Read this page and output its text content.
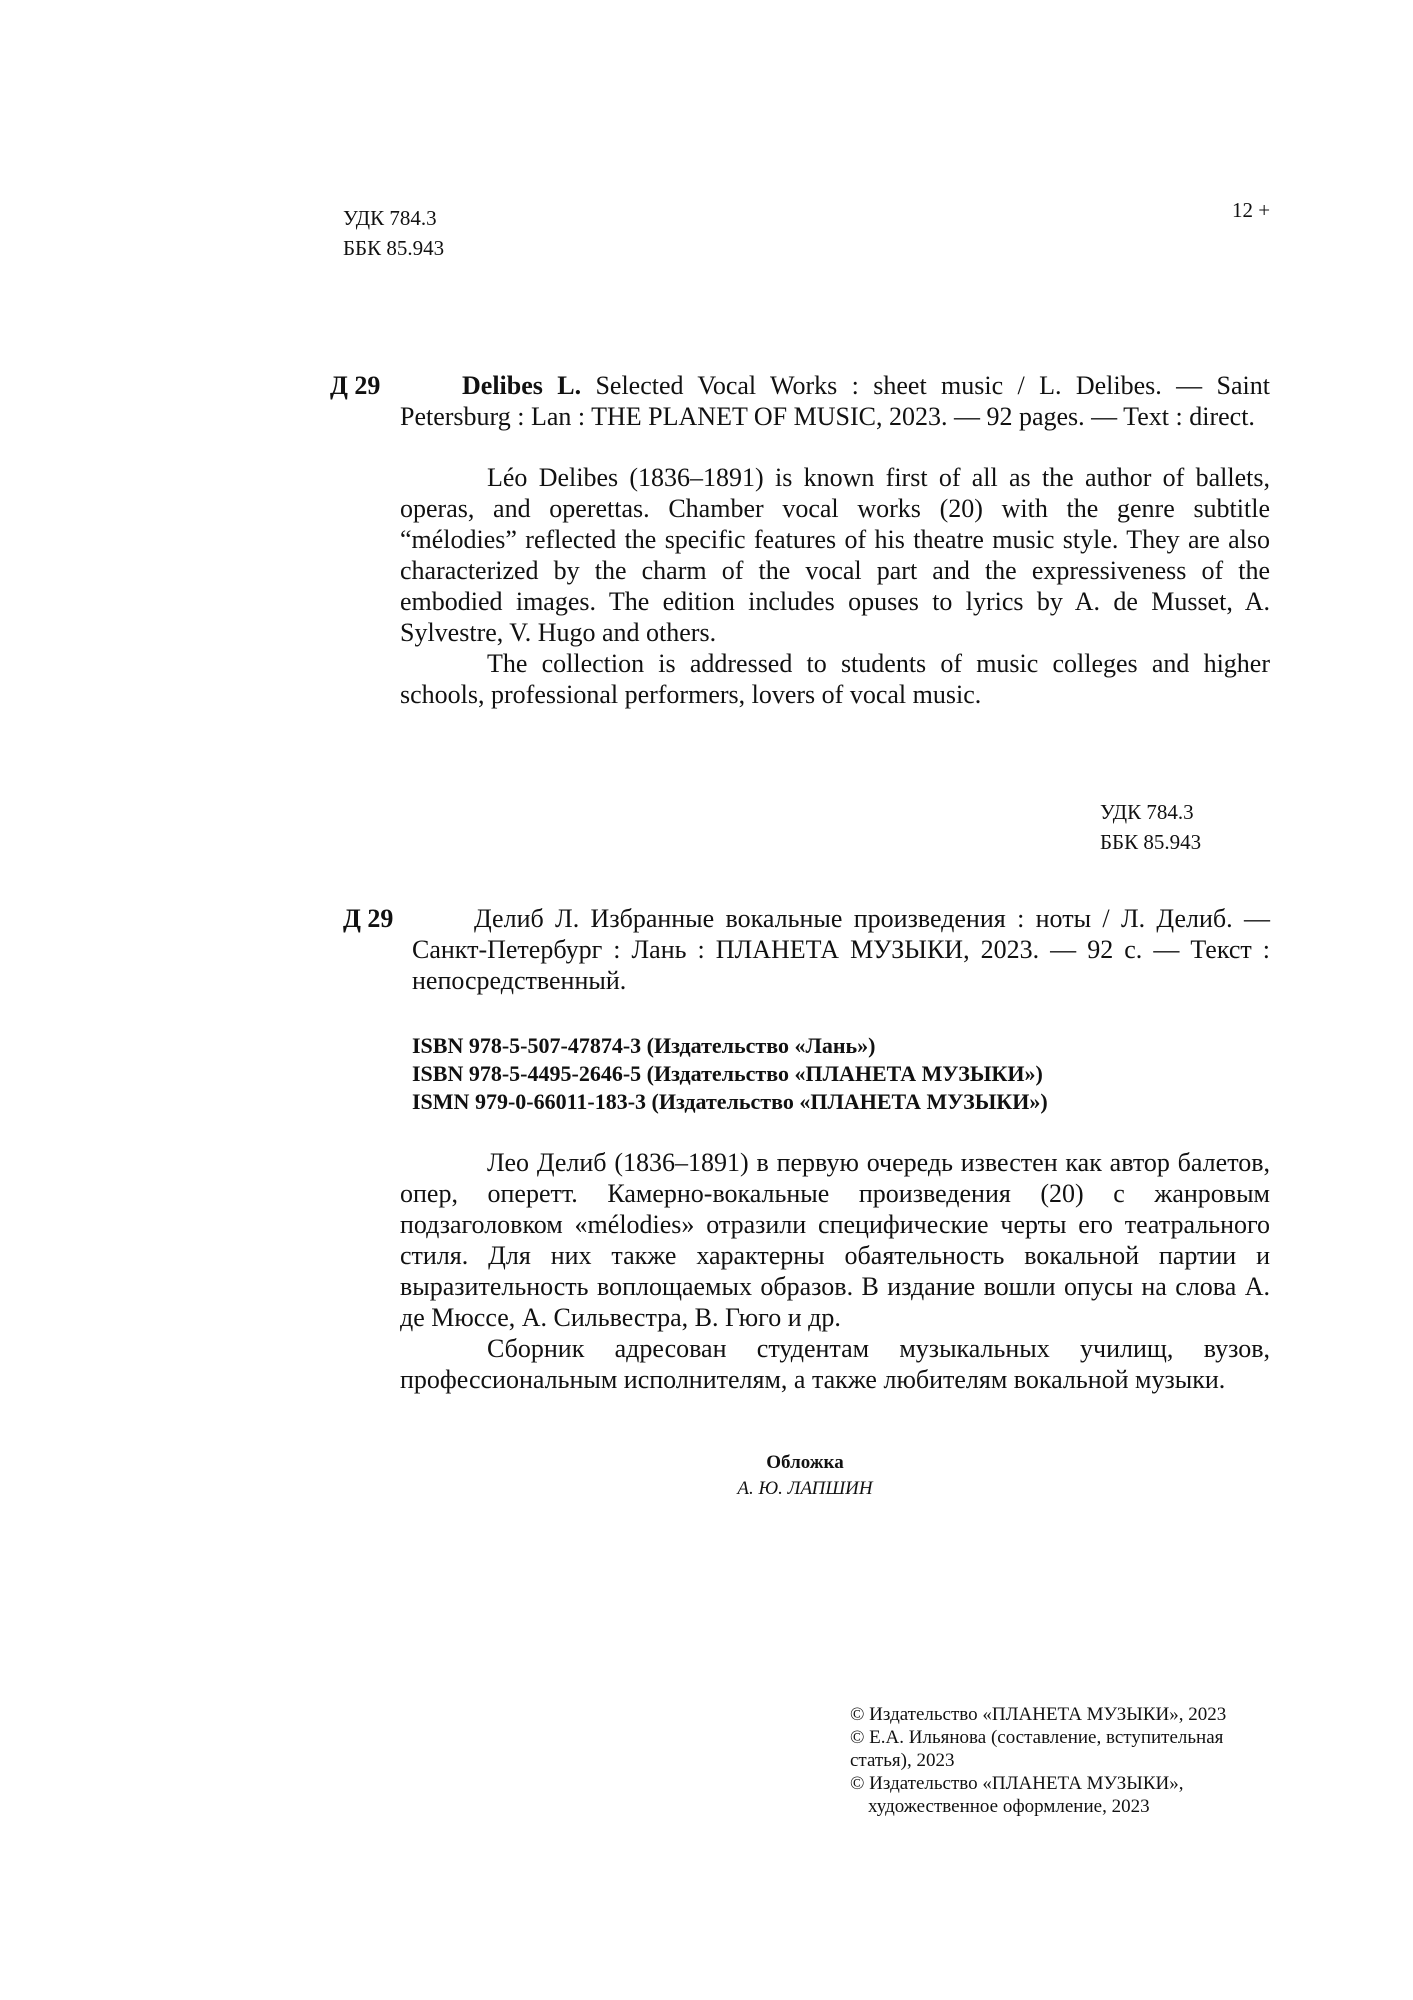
УДК 784.3
ББК 85.943
12 +
Д 29	Delibes L. Selected Vocal Works : sheet music / L. Delibes. — Saint Petersburg : Lan : THE PLANET OF MUSIC, 2023. — 92 pages. — Text : direct.

Léo Delibes (1836–1891) is known first of all as the author of ballets, operas, and operettas. Chamber vocal works (20) with the genre subtitle “mélodies” reflected the specific features of his theatre music style. They are also characterized by the charm of the vocal part and the expressiveness of the embodied images. The edition includes opuses to lyrics by A. de Musset, A. Sylvestre, V. Hugo and others.

The collection is addressed to students of music colleges and higher schools, professional performers, lovers of vocal music.

УДК 784.3
ББК 85.943
Д 29	Делиб Л. Избранные вокальные произведения : ноты / Л. Делиб. — Санкт-Петербург : Лань : ПЛАНЕТА МУЗЫКИ, 2023. — 92 с. — Текст : непосредственный.

ISBN 978-5-507-47874-3 (Издательство «Лань»)
ISBN 978-5-4495-2646-5 (Издательство «ПЛАНЕТА МУЗЫКИ»)
ISMN 979-0-66011-183-3 (Издательство «ПЛАНЕТА МУЗЫКИ»)

Лео Делиб (1836–1891) в первую очередь известен как автор балетов, опер, оперетт. Камерно-вокальные произведения (20) с жанровым подзаголовком «mélodies» отразили специфические черты его театрального стиля. Для них также характерны обаятельность вокальной партии и выразительность воплощаемых образов. В издание вошли опусы на слова А. де Мюссе, А. Сильвестра, В. Гюго и др.

Сборник адресован студентам музыкальных училищ, вузов, профессиональным исполнителям, а также любителям вокальной музыки.

Обложка
А. Ю. ЛАПШИН

© Издательство «ПЛАНЕТА МУЗЫКИ», 2023

© Е.А. Ильянова (составление, вступительная статья), 2023

© Издательство «ПЛАНЕТА МУЗЫКИ», художественное оформление, 2023
